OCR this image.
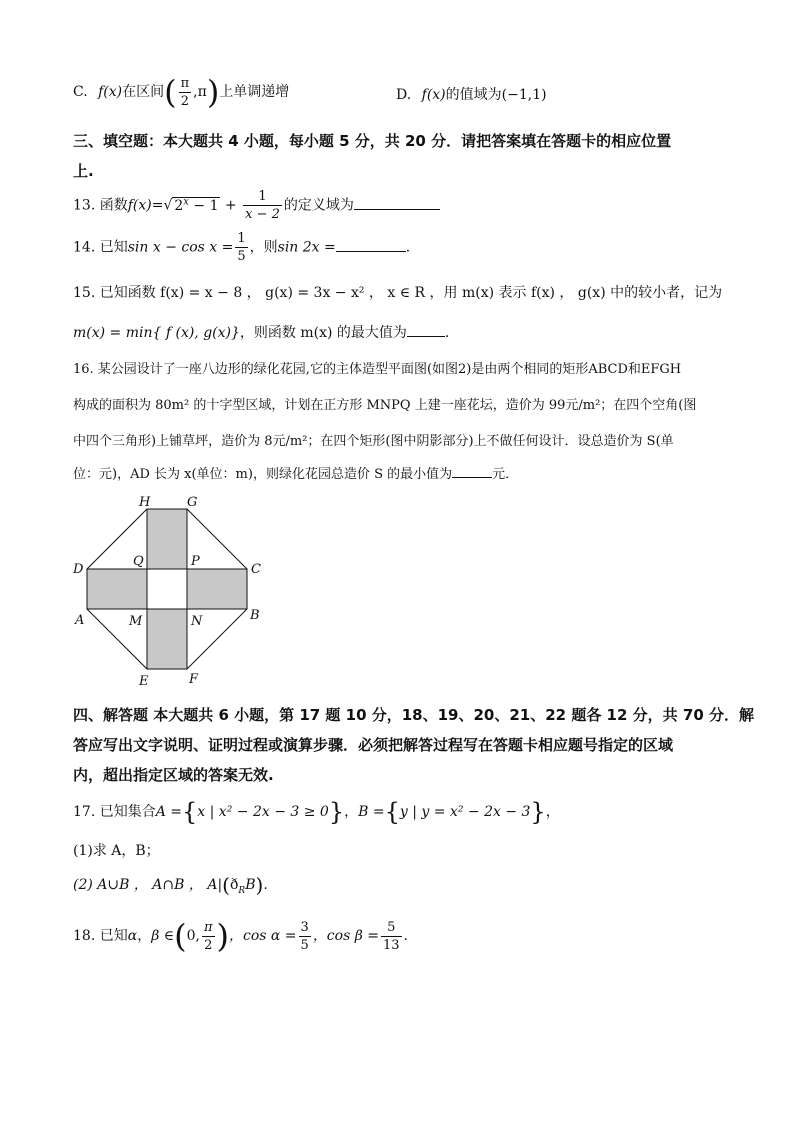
C. f(x)在区间( $\frac{\pi}{2} ,\pi$)上单调递增	D. f(x)的值域为(−1,1)
三、填空题：本大题共 4 小题，每小题 5 分，共 20 分．请把答案填在答题卡的相应位置
上.
13. 函数f(x)=√ $2^x - 1 + \frac{1}{x - 2}$ 的定义域为
14. 已知$\sin x - \cos x = \frac{1}{5}$ ，则sin 2x =	.
15. 已知函数 f(x) = x − 8 ， g(x) = 3x − x² ， x ∈ R ，用 m(x) 表示 f(x) ， g(x) 中的较小者，记为
m(x) = min{ f (x), g(x)}，则函数 m(x) 的最大值为	.
16. 某公园设计了一座八边形的绿化花园,它的主体造型平面图(如图2)是由两个相同的矩形ABCD和EFGH
构成的面积为 80m² 的十字型区域，计划在正方形 MNPQ 上建一座花坛，造价为 99元/m²；在四个空角(图
中四个三角形)上铺草坪，造价为 8元/m²；在四个矩形(图中阴影部分)上不做任何设计．设总造价为 S(单
位：元)，AD 长为 x(单位：m)，则绿化花园总造价 S 的最小值为	元．
H	G
Q	P
D	C
A	M	N	B
E	F
四、解答题 本大题共 6 小题，第 17 题 10 分，18、19、20、21、22 题各 12 分，共 70 分．解
答应写出文字说明、证明过程或演算步骤．必须把解答过程写在答题卡相应题号指定的区域
内，超出指定区域的答案无效.
17. 已知集合A ={x | x² − 2x − 3 ≥ 0}，B ={y | y = x² − 2x − 3}，
(1)求 A，B；
(2) A∪B ， A∩B ， $A|(ð_RB)$.
18. 已知α，β ∈(0, $\frac{\pi}{2}$ )，$\cos \alpha = \frac{3}{5}$ ，$\cos \beta = \frac{5}{13}$ .
